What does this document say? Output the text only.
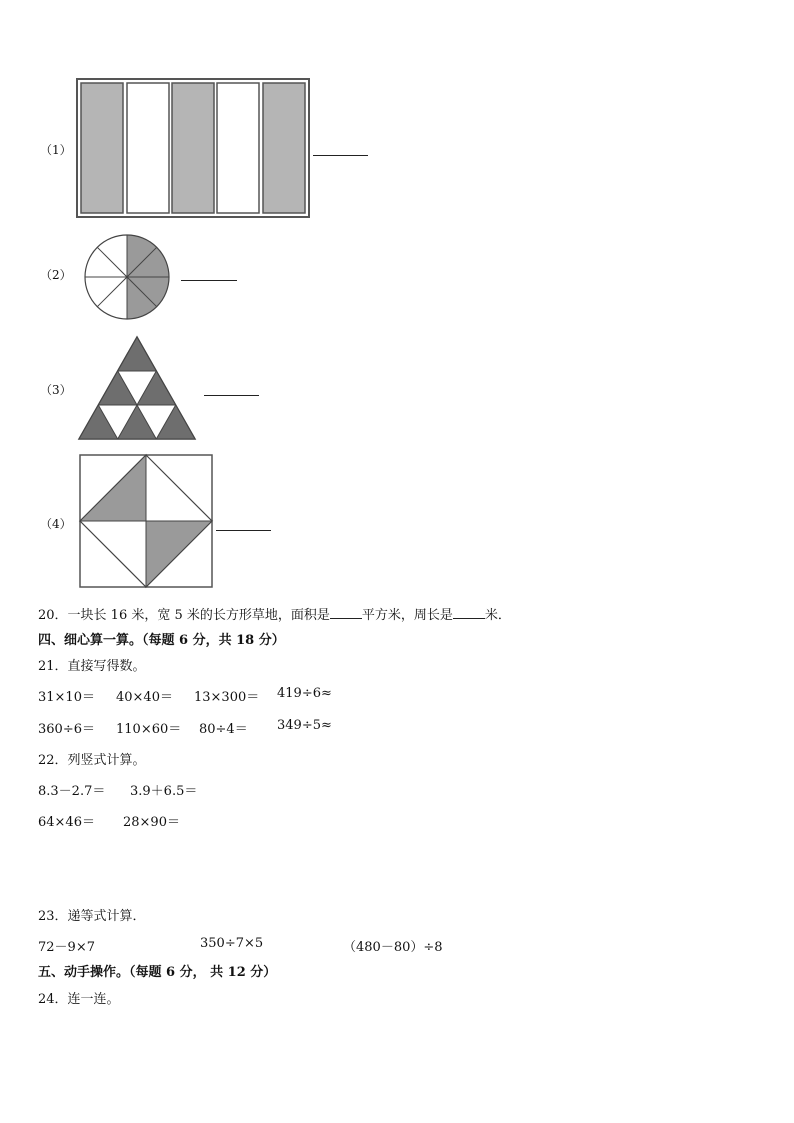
（1）
（2）
（3）
（4）
20．一块长 16 米，宽 5 米的长方形草地，面积是 平方米，周长是 米．
四、细心算一算。（每题 6 分，共 18 分）
21．直接写得数。
31×10＝ 40×40＝ 13×300＝ 419÷6≈
360÷6＝ 110×60＝ 80÷4＝ 349÷5≈
22．列竖式计算。
8.3－2.7＝ 3.9＋6.5＝
64×46＝ 28×90＝
23．递等式计算．
72－9×7	350÷7×5	（480－80）÷8
五、动手操作。（每题 6 分， 共 12 分）
24．连一连。
